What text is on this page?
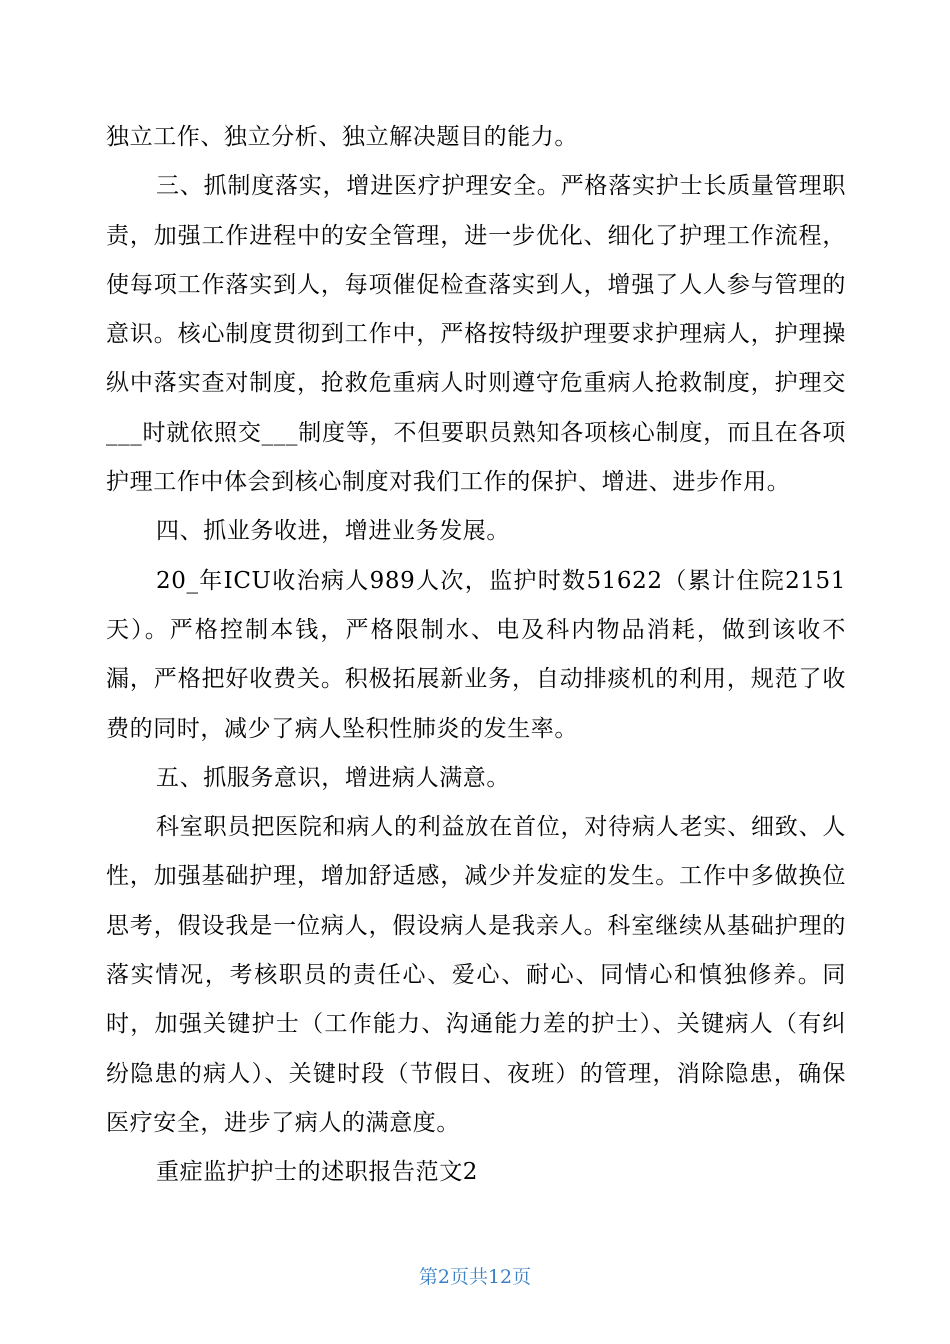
独立工作、独立分析、独立解决题目的能力。

三、抓制度落实，增进医疗护理安全。严格落实护士长质量管理职责，加强工作进程中的安全管理，进一步优化、细化了护理工作流程，使每项工作落实到人，每项催促检查落实到人，增强了人人参与管理的意识。核心制度贯彻到工作中，严格按特级护理要求护理病人，护理操纵中落实查对制度，抢救危重病人时则遵守危重病人抢救制度，护理交___时就依照交___制度等，不但要职员熟知各项核心制度，而且在各项护理工作中体会到核心制度对我们工作的保护、增进、进步作用。

四、抓业务收进，增进业务发展。

20_年ICU收治病人989人次，监护时数51622（累计住院2151天）。严格控制本钱，严格限制水、电及科内物品消耗，做到该收不漏，严格把好收费关。积极拓展新业务，自动排痰机的利用，规范了收费的同时，减少了病人坠积性肺炎的发生率。

五、抓服务意识，增进病人满意。

科室职员把医院和病人的利益放在首位，对待病人老实、细致、人性，加强基础护理，增加舒适感，减少并发症的发生。工作中多做换位思考，假设我是一位病人，假设病人是我亲人。科室继续从基础护理的落实情况，考核职员的责任心、爱心、耐心、同情心和慎独修养。同时，加强关键护士（工作能力、沟通能力差的护士）、关键病人（有纠纷隐患的病人）、关键时段（节假日、夜班）的管理，消除隐患，确保医疗安全，进步了病人的满意度。

重症监护护士的述职报告范文2

第2页共12页
